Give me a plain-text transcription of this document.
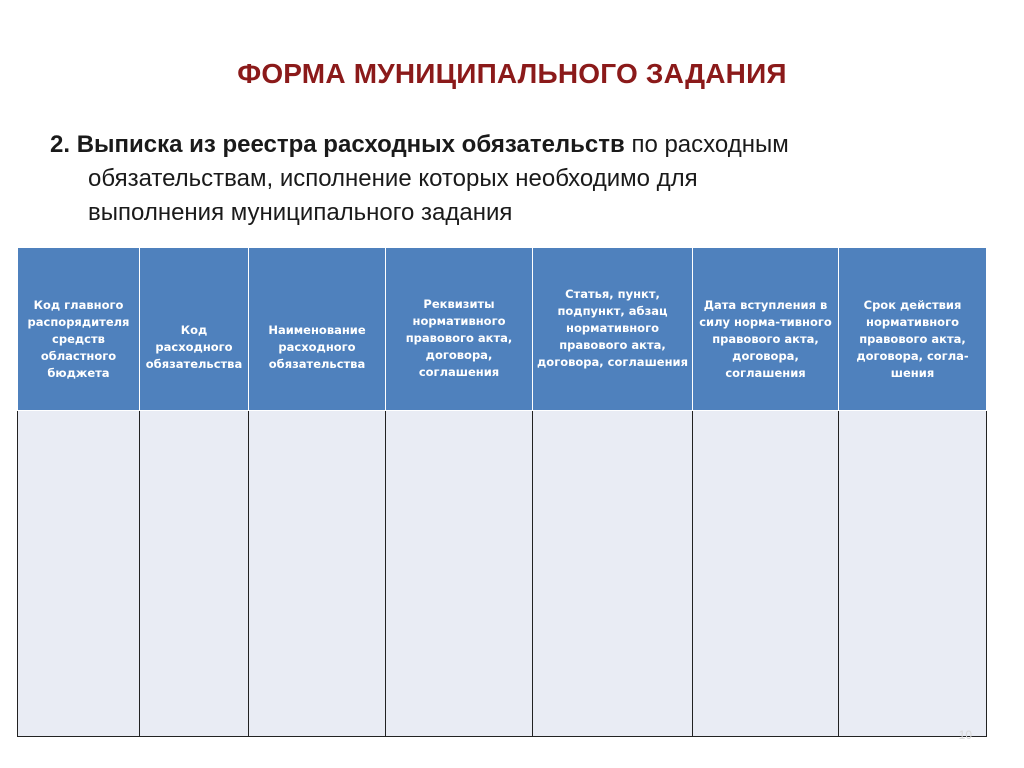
ФОРМА МУНИЦИПАЛЬНОГО ЗАДАНИЯ
2. Выписка из реестра расходных обязательств по расходным
обязательствам, исполнение которых необходимо для
выполнения муниципального задания
Код главного распорядителя средств областного бюджета	Код расходного обязательства	Наименование расходного обязательства	Реквизиты нормативного правового акта, договора, соглашения	Статья, пункт, подпункт, абзац нормативного правового акта, договора, соглашения	Дата вступления в силу норма-тивного правового акта, договора, соглашения	Срок действия нормативного правового акта, договора, согла-шения

10
